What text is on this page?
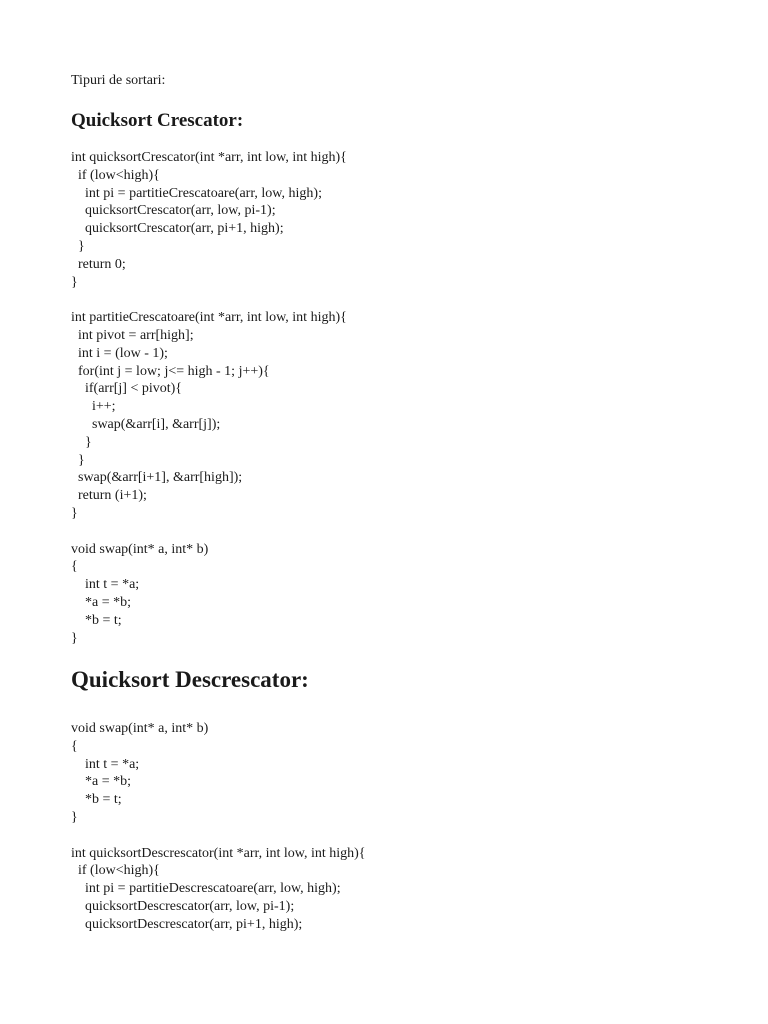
Tipuri de sortari:

Quicksort Crescator:
int quicksortCrescator(int *arr, int low, int high){
if (low<high){
int pi = partitieCrescatoare(arr, low, high);
quicksortCrescator(arr, low, pi-1);
quicksortCrescator(arr, pi+1, high);
}
return 0;
}
int partitieCrescatoare(int *arr, int low, int high){
int pivot = arr[high];
int i = (low - 1);
for(int j = low; j<= high - 1; j++){
if(arr[j] < pivot){
i++;
swap(&arr[i], &arr[j]);
}
}
swap(&arr[i+1], &arr[high]);
return (i+1);
}
void swap(int* a, int* b)
{
int t = *a;
*a = *b;
*b = t;
}
Quicksort Descrescator:
void swap(int* a, int* b)
{
int t = *a;
*a = *b;
*b = t;
}
int quicksortDescrescator(int *arr, int low, int high){
if (low<high){
int pi = partitieDescrescatoare(arr, low, high);
quicksortDescrescator(arr, low, pi-1);
quicksortDescrescator(arr, pi+1, high);
